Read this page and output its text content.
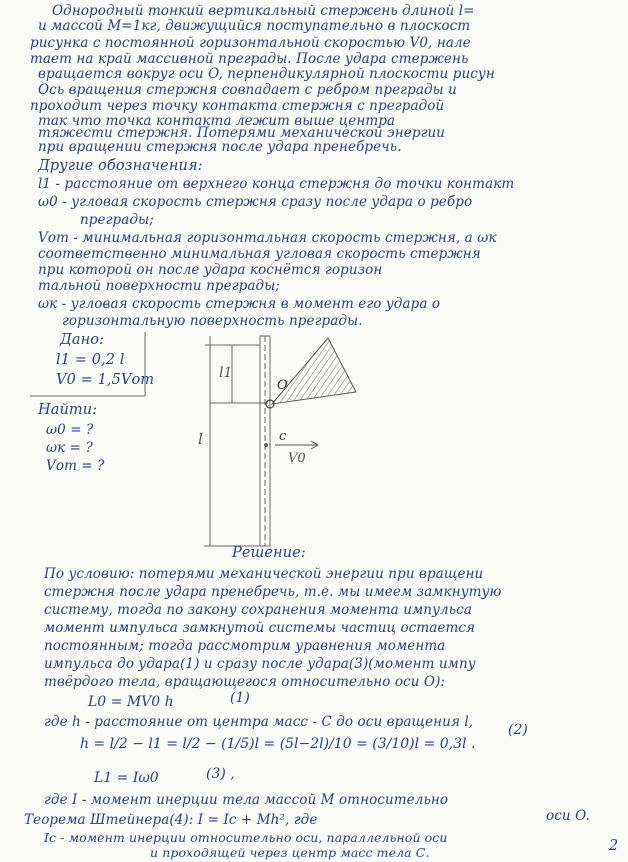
Однородный тонкий вертикальный стержень длиной l=
и массой M=1кг, движущийся поступательно в плоскост
рисунка с постоянной горизонтальной скоростью V0, нале
тает на край массивной преграды. После удара стержень
вращается вокруг оси O, перпендикулярной плоскости рисун
Ось вращения стержня совпадает с ребром преграды и
проходит через точку контакта стержня с преградой
так что точка контакта лежит выше центра
тяжести стержня. Потерями механической энергии
при вращении стержня после удара пренебречь.
Другие обозначения:
l1 - расстояние от верхнего конца стержня до точки контакт
ω0 - угловая скорость стержня сразу после удара о ребро
преграды;
Vот - минимальная горизонтальная скорость стержня, а ωк
соответственно минимальная угловая скорость стержня
при которой он после удара коснётся горизон
тальной поверхности преграды;
ωк - угловая скорость стержня в момент его удара о
горизонтальную поверхность преграды.
Дано:
l1 = 0,2 l
V0 = 1,5Vот
Найти:
ω0 = ?
ωк = ?
Vот = ?
l1
l
O
c
V0
Решение:
По условию: потерями механической энергии при вращени
стержня после удара пренебречь, т.е. мы имеем замкнутую
систему, тогда по закону сохранения момента импульса
момент импульса замкнутой системы частиц остается
постоянным; тогда рассмотрим уравнения момента
импульса до удара(1) и сразу после удара(3)(момент импу
твёрдого тела, вращающегося относительно оси O):
L0 = MV0 h	(1)
где h - расстояние от центра масс - С до оси вращения l,
h = l/2 − l1 = l/2 − (1/5)l = (5l−2l)/10 = (3/10)l = 0,3l .
(2)
L1 = Iω0	(3) ,
где I - момент инерции тела массой M относительно
оси O.
Теорема Штейнера(4): I = Ic + Mh², где
Ic - момент инерции относительно оси, параллельной оси
и проходящей через центр масс тела С.	2
